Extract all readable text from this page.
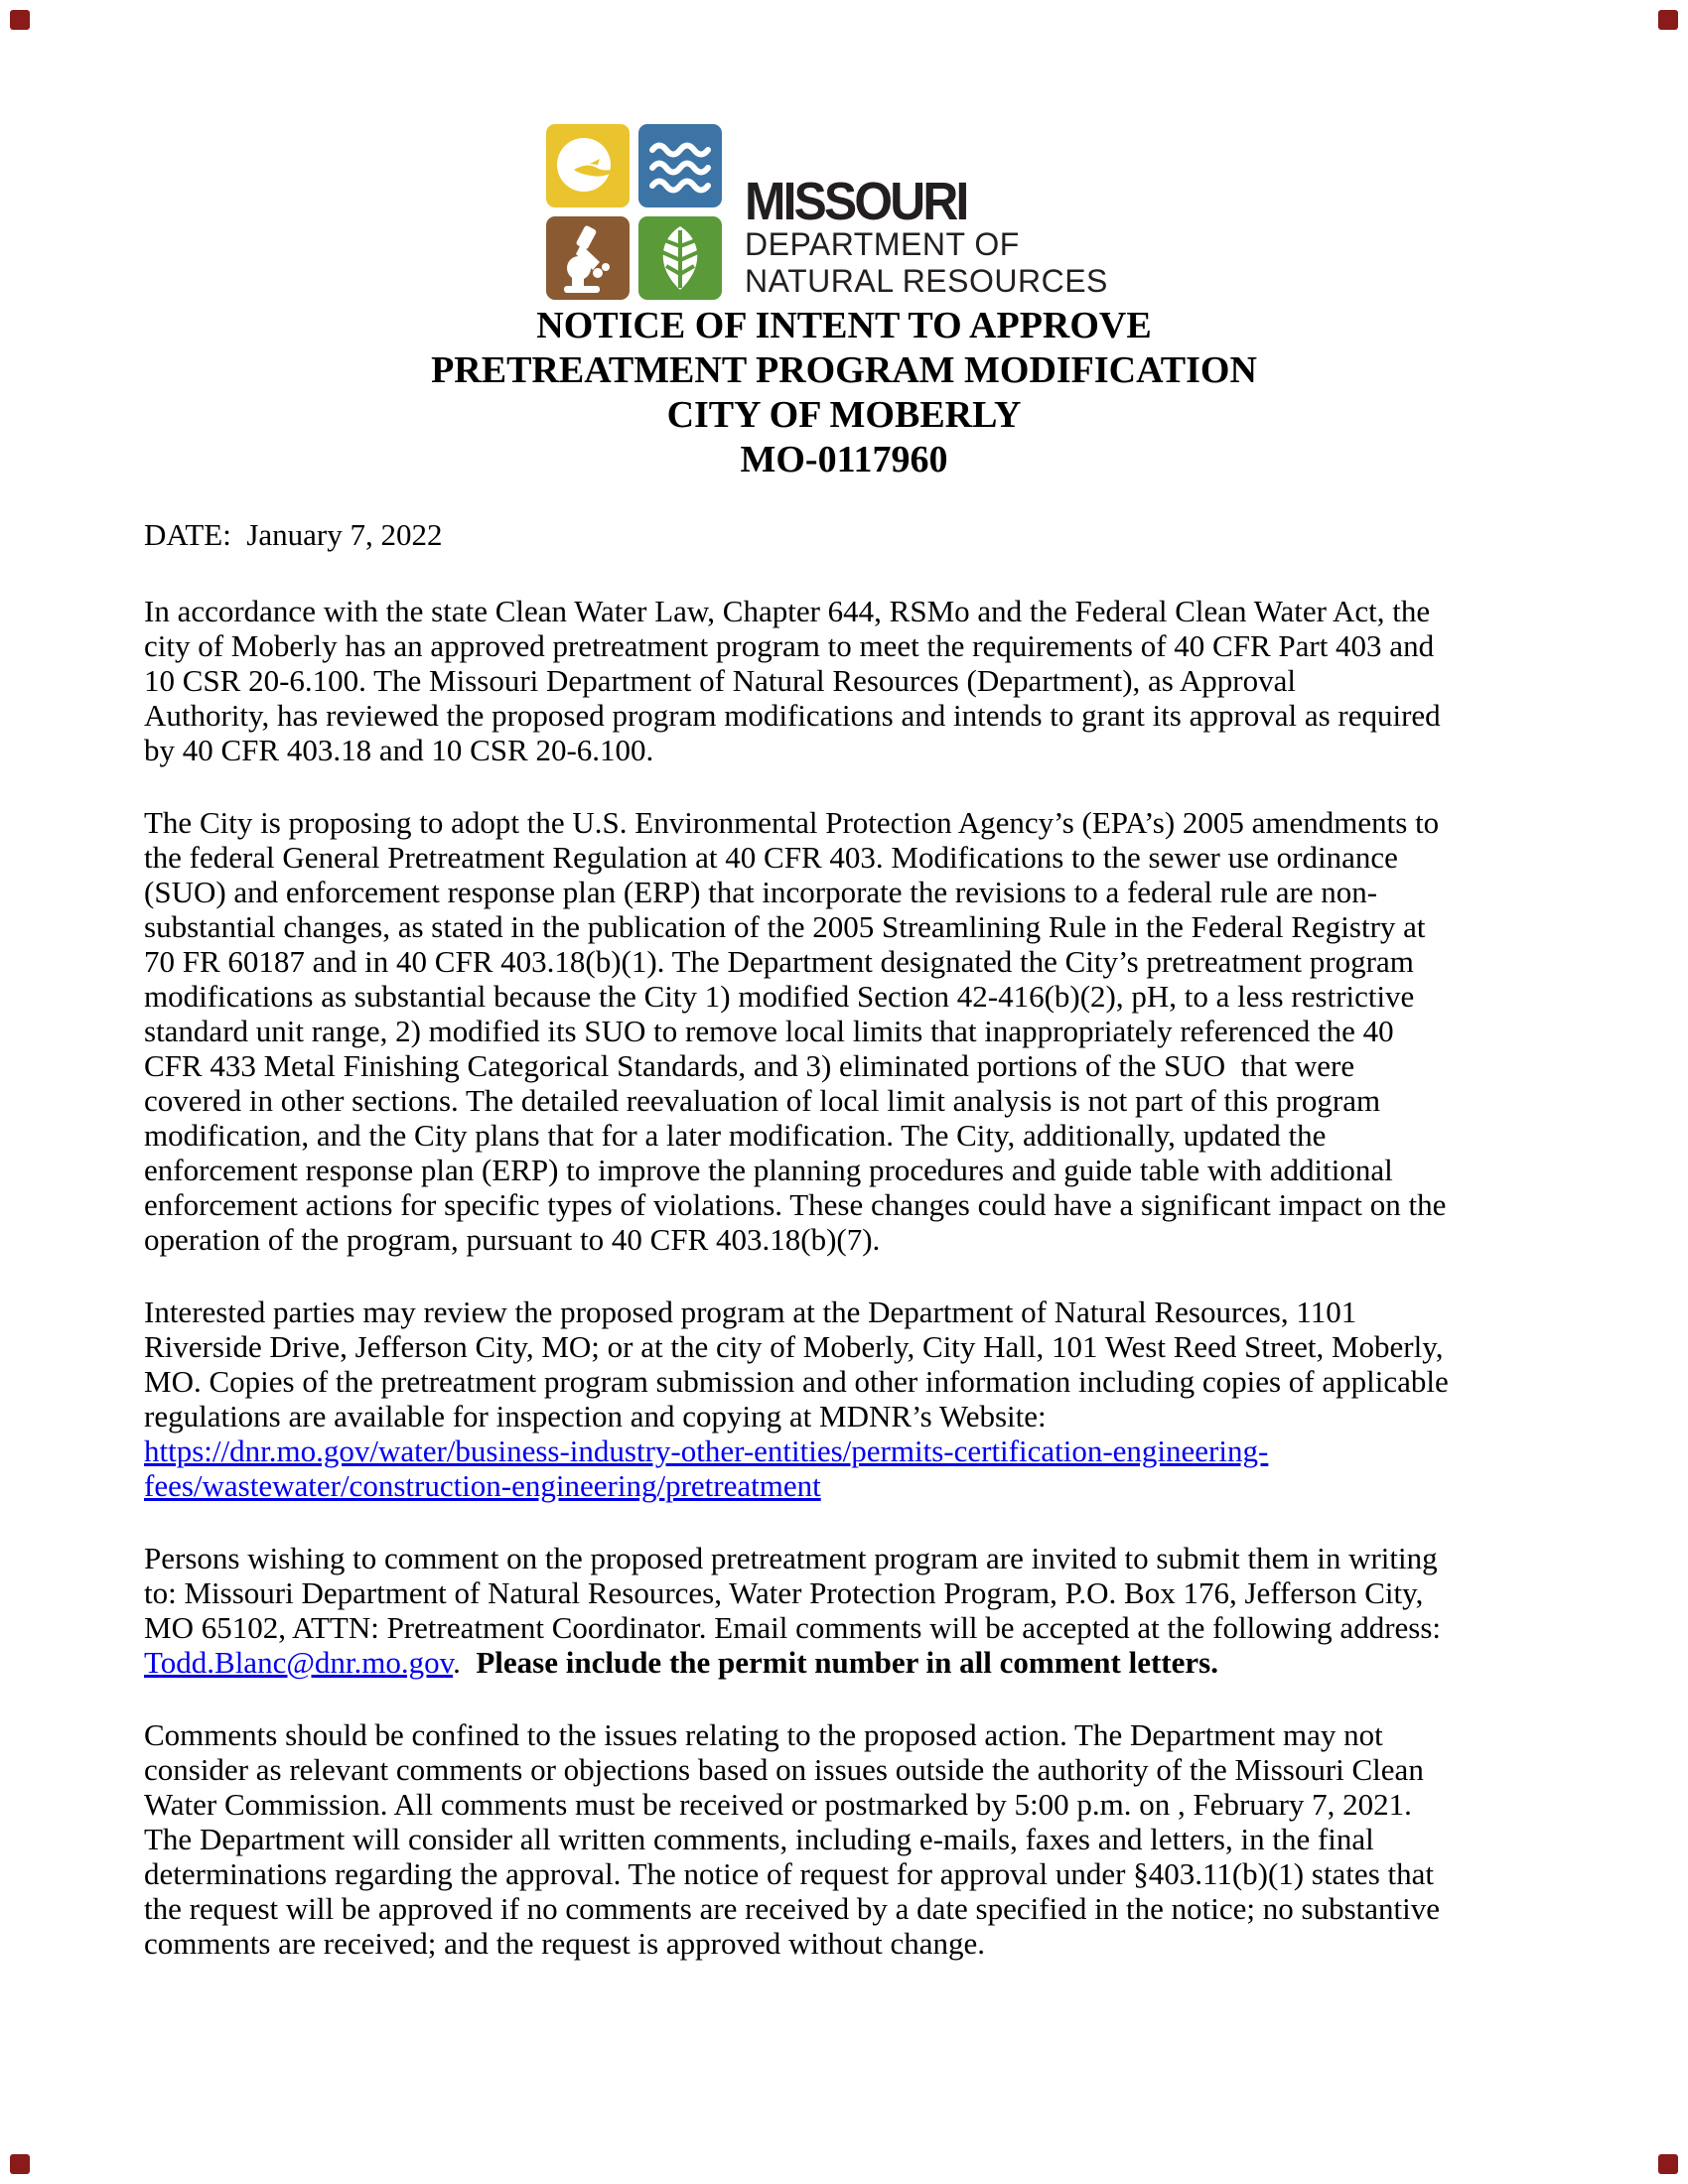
MISSOURI
DEPARTMENT OF
NATURAL RESOURCES
NOTICE OF INTENT TO APPROVE
PRETREATMENT PROGRAM MODIFICATION
CITY OF MOBERLY
MO-0117960
DATE:  January 7, 2022
In accordance with the state Clean Water Law, Chapter 644, RSMo and the Federal Clean Water Act, the
city of Moberly has an approved pretreatment program to meet the requirements of 40 CFR Part 403 and
10 CSR 20-6.100. The Missouri Department of Natural Resources (Department), as Approval
Authority, has reviewed the proposed program modifications and intends to grant its approval as required
by 40 CFR 403.18 and 10 CSR 20-6.100.
The City is proposing to adopt the U.S. Environmental Protection Agency’s (EPA’s) 2005 amendments to
the federal General Pretreatment Regulation at 40 CFR 403. Modifications to the sewer use ordinance
(SUO) and enforcement response plan (ERP) that incorporate the revisions to a federal rule are non-
substantial changes, as stated in the publication of the 2005 Streamlining Rule in the Federal Registry at
70 FR 60187 and in 40 CFR 403.18(b)(1). The Department designated the City’s pretreatment program
modifications as substantial because the City 1) modified Section 42-416(b)(2), pH, to a less restrictive
standard unit range, 2) modified its SUO to remove local limits that inappropriately referenced the 40
CFR 433 Metal Finishing Categorical Standards, and 3) eliminated portions of the SUO  that were
covered in other sections. The detailed reevaluation of local limit analysis is not part of this program
modification, and the City plans that for a later modification. The City, additionally, updated the
enforcement response plan (ERP) to improve the planning procedures and guide table with additional
enforcement actions for specific types of violations. These changes could have a significant impact on the
operation of the program, pursuant to 40 CFR 403.18(b)(7).
Interested parties may review the proposed program at the Department of Natural Resources, 1101
Riverside Drive, Jefferson City, MO; or at the city of Moberly, City Hall, 101 West Reed Street, Moberly,
MO. Copies of the pretreatment program submission and other information including copies of applicable
regulations are available for inspection and copying at MDNR’s Website:
https://dnr.mo.gov/water/business-industry-other-entities/permits-certification-engineering-
fees/wastewater/construction-engineering/pretreatment
Persons wishing to comment on the proposed pretreatment program are invited to submit them in writing
to: Missouri Department of Natural Resources, Water Protection Program, P.O. Box 176, Jefferson City,
MO 65102, ATTN: Pretreatment Coordinator. Email comments will be accepted at the following address:
Todd.Blanc@dnr.mo.gov.  Please include the permit number in all comment letters.
Comments should be confined to the issues relating to the proposed action. The Department may not
consider as relevant comments or objections based on issues outside the authority of the Missouri Clean
Water Commission. All comments must be received or postmarked by 5:00 p.m. on , February 7, 2021.
The Department will consider all written comments, including e-mails, faxes and letters, in the final
determinations regarding the approval. The notice of request for approval under §403.11(b)(1) states that
the request will be approved if no comments are received by a date specified in the notice; no substantive
comments are received; and the request is approved without change.
